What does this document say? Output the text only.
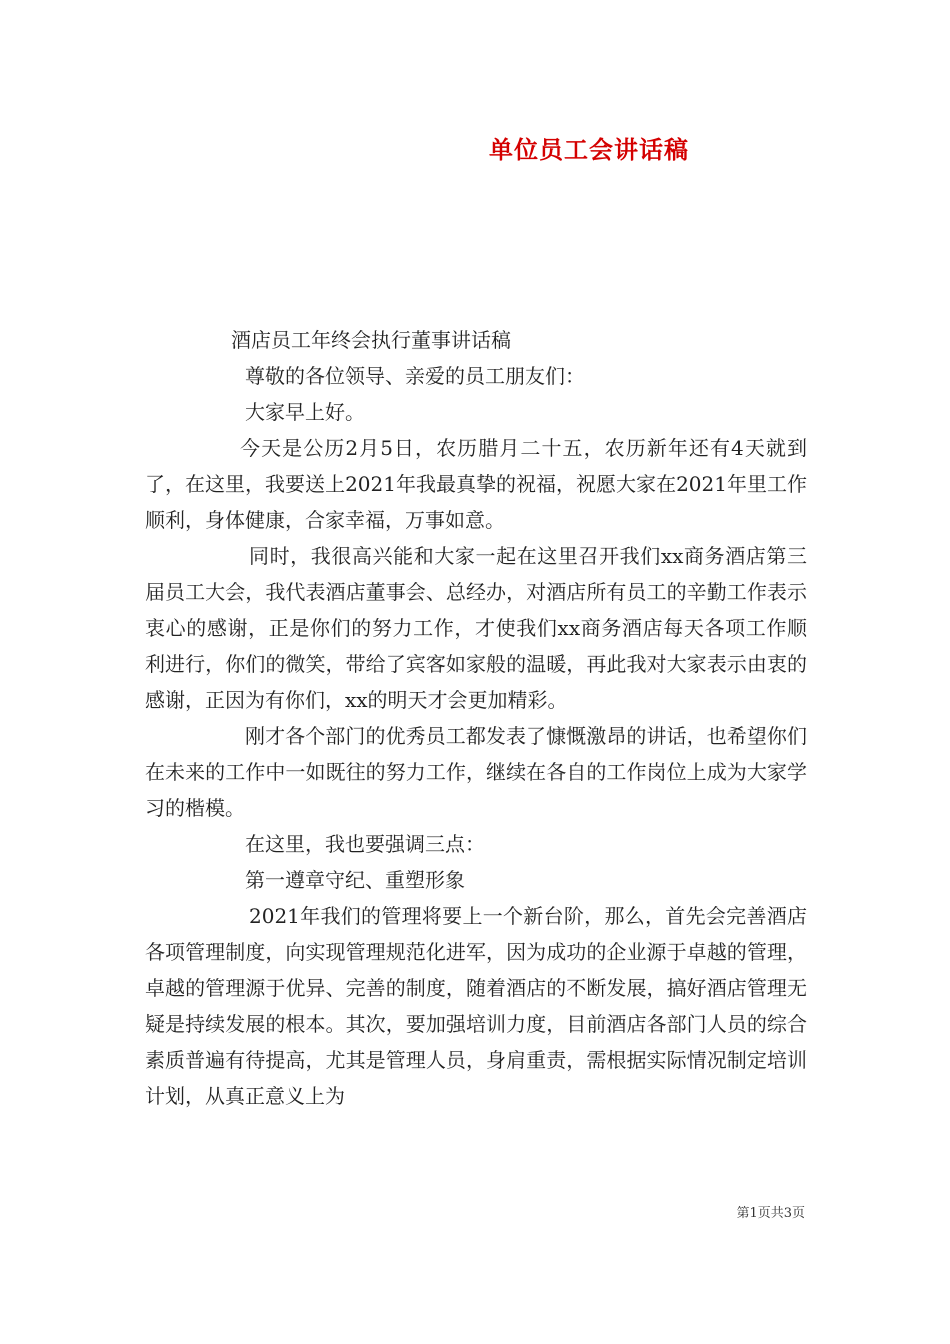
单位员工会讲话稿

酒店员工年终会执行董事讲话稿

尊敬的各位领导、亲爱的员工朋友们：

大家早上好。

今天是公历2月5日，农历腊月二十五，农历新年还有4天就到了，在这里，我要送上2021年我最真挚的祝福，祝愿大家在2021年里工作顺利，身体健康，合家幸福，万事如意。

同时，我很高兴能和大家一起在这里召开我们xx商务酒店第三届员工大会，我代表酒店董事会、总经办，对酒店所有员工的辛勤工作表示衷心的感谢，正是你们的努力工作，才使我们xx商务酒店每天各项工作顺利进行，你们的微笑，带给了宾客如家般的温暖，再此我对大家表示由衷的感谢，正因为有你们，xx的明天才会更加精彩。

刚才各个部门的优秀员工都发表了慷慨激昂的讲话，也希望你们在未来的工作中一如既往的努力工作，继续在各自的工作岗位上成为大家学习的楷模。

在这里，我也要强调三点：

第一遵章守纪、重塑形象

2021年我们的管理将要上一个新台阶，那么，首先会完善酒店各项管理制度，向实现管理规范化进军，因为成功的企业源于卓越的管理，卓越的管理源于优异、完善的制度，随着酒店的不断发展，搞好酒店管理无疑是持续发展的根本。其次，要加强培训力度，目前酒店各部门人员的综合素质普遍有待提高，尤其是管理人员，身肩重责，需根据实际情况制定培训计划，从真正意义上为

第1页共3页
